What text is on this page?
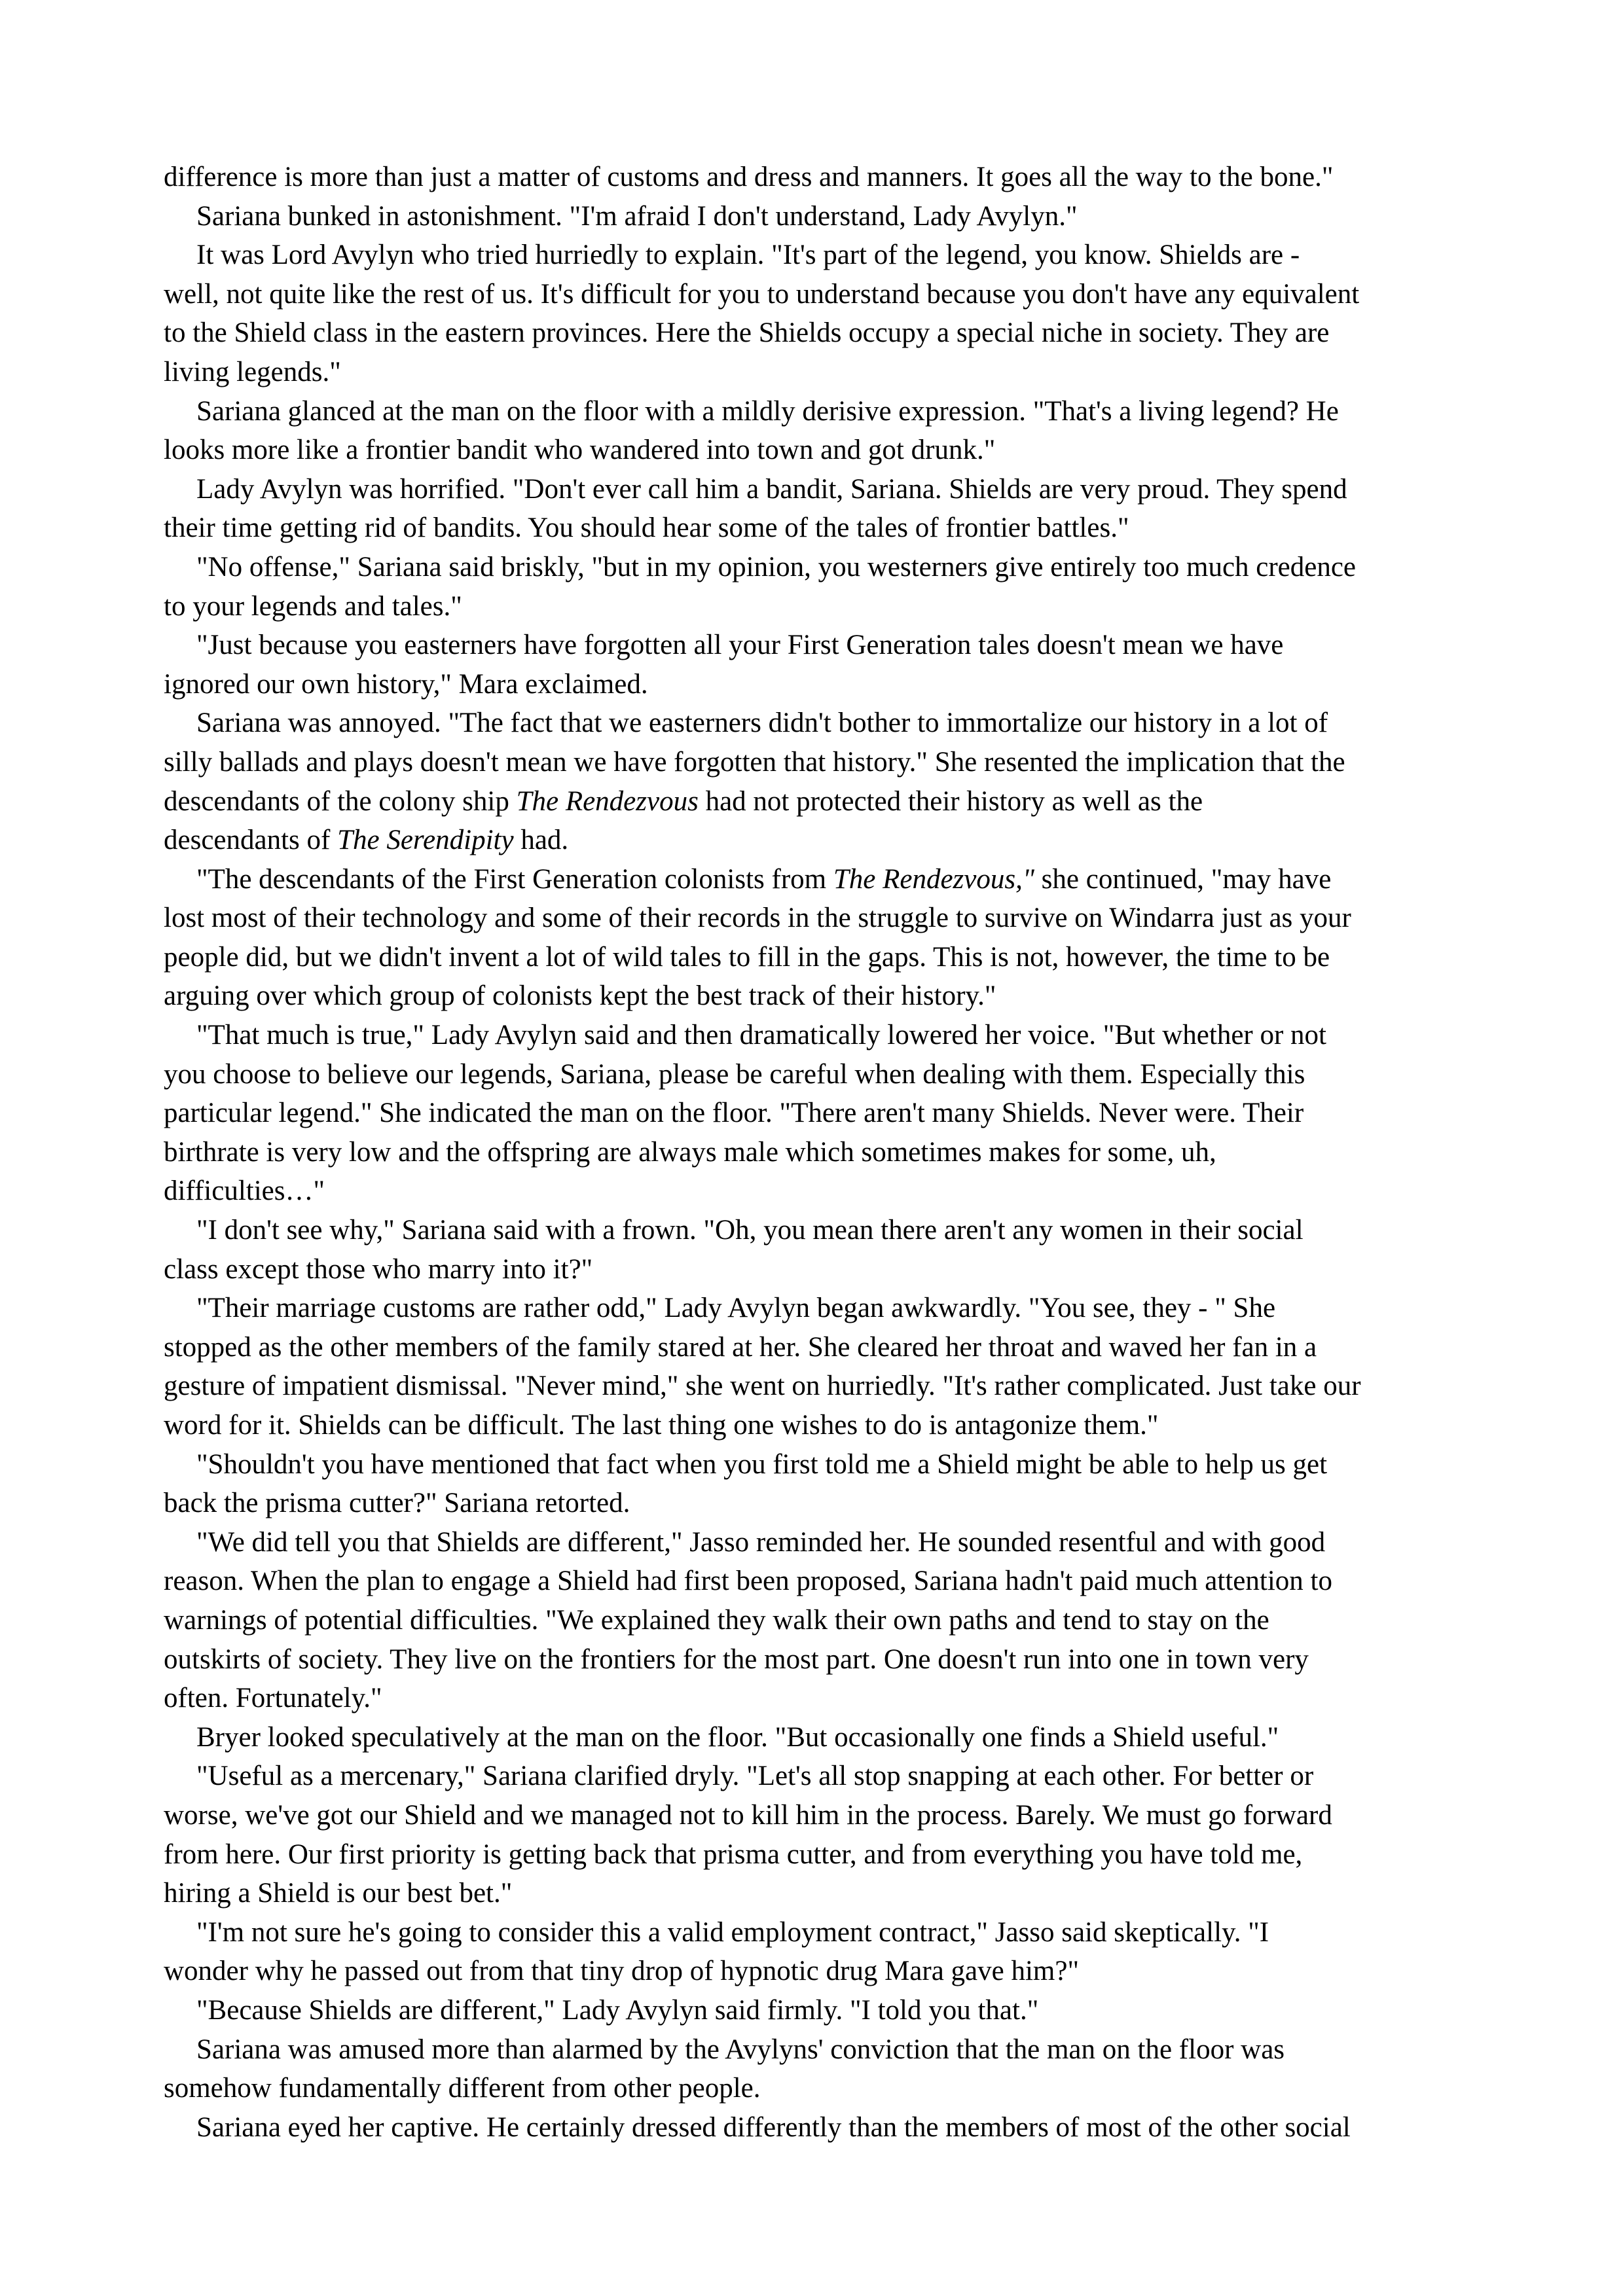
difference is more than just a matter of customs and dress and manners. It goes all the way to the bone."
Sariana bunked in astonishment. "I'm afraid I don't understand, Lady Avylyn."
It was Lord Avylyn who tried hurriedly to explain. "It's part of the legend, you know. Shields are -
well, not quite like the rest of us. It's difficult for you to understand because you don't have any equivalent
to the Shield class in the eastern provinces. Here the Shields occupy a special niche in society. They are
living legends."
Sariana glanced at the man on the floor with a mildly derisive expression. "That's a living legend? He
looks more like a frontier bandit who wandered into town and got drunk."
Lady Avylyn was horrified. "Don't ever call him a bandit, Sariana. Shields are very proud. They spend
their time getting rid of bandits. You should hear some of the tales of frontier battles."
"No offense," Sariana said briskly, "but in my opinion, you westerners give entirely too much credence
to your legends and tales."
"Just because you easterners have forgotten all your First Generation tales doesn't mean we have
ignored our own history," Mara exclaimed.
Sariana was annoyed. "The fact that we easterners didn't bother to immortalize our history in a lot of
silly ballads and plays doesn't mean we have forgotten that history." She resented the implication that the
descendants of the colony ship The Rendezvous had not protected their history as well as the
descendants of The Serendipity had.
"The descendants of the First Generation colonists from The Rendezvous," she continued, "may have
lost most of their technology and some of their records in the struggle to survive on Windarra just as your
people did, but we didn't invent a lot of wild tales to fill in the gaps. This is not, however, the time to be
arguing over which group of colonists kept the best track of their history."
"That much is true," Lady Avylyn said and then dramatically lowered her voice. "But whether or not
you choose to believe our legends, Sariana, please be careful when dealing with them. Especially this
particular legend." She indicated the man on the floor. "There aren't many Shields. Never were. Their
birthrate is very low and the offspring are always male which sometimes makes for some, uh,
difficulties…"
"I don't see why," Sariana said with a frown. "Oh, you mean there aren't any women in their social
class except those who marry into it?"
"Their marriage customs are rather odd," Lady Avylyn began awkwardly. "You see, they - " She
stopped as the other members of the family stared at her. She cleared her throat and waved her fan in a
gesture of impatient dismissal. "Never mind," she went on hurriedly. "It's rather complicated. Just take our
word for it. Shields can be difficult. The last thing one wishes to do is antagonize them."
"Shouldn't you have mentioned that fact when you first told me a Shield might be able to help us get
back the prisma cutter?" Sariana retorted.
"We did tell you that Shields are different," Jasso reminded her. He sounded resentful and with good
reason. When the plan to engage a Shield had first been proposed, Sariana hadn't paid much attention to
warnings of potential difficulties. "We explained they walk their own paths and tend to stay on the
outskirts of society. They live on the frontiers for the most part. One doesn't run into one in town very
often. Fortunately."
Bryer looked speculatively at the man on the floor. "But occasionally one finds a Shield useful."
"Useful as a mercenary," Sariana clarified dryly. "Let's all stop snapping at each other. For better or
worse, we've got our Shield and we managed not to kill him in the process. Barely. We must go forward
from here. Our first priority is getting back that prisma cutter, and from everything you have told me,
hiring a Shield is our best bet."
"I'm not sure he's going to consider this a valid employment contract," Jasso said skeptically. "I
wonder why he passed out from that tiny drop of hypnotic drug Mara gave him?"
"Because Shields are different," Lady Avylyn said firmly. "I told you that."
Sariana was amused more than alarmed by the Avylyns' conviction that the man on the floor was
somehow fundamentally different from other people.
Sariana eyed her captive. He certainly dressed differently than the members of most of the other social
